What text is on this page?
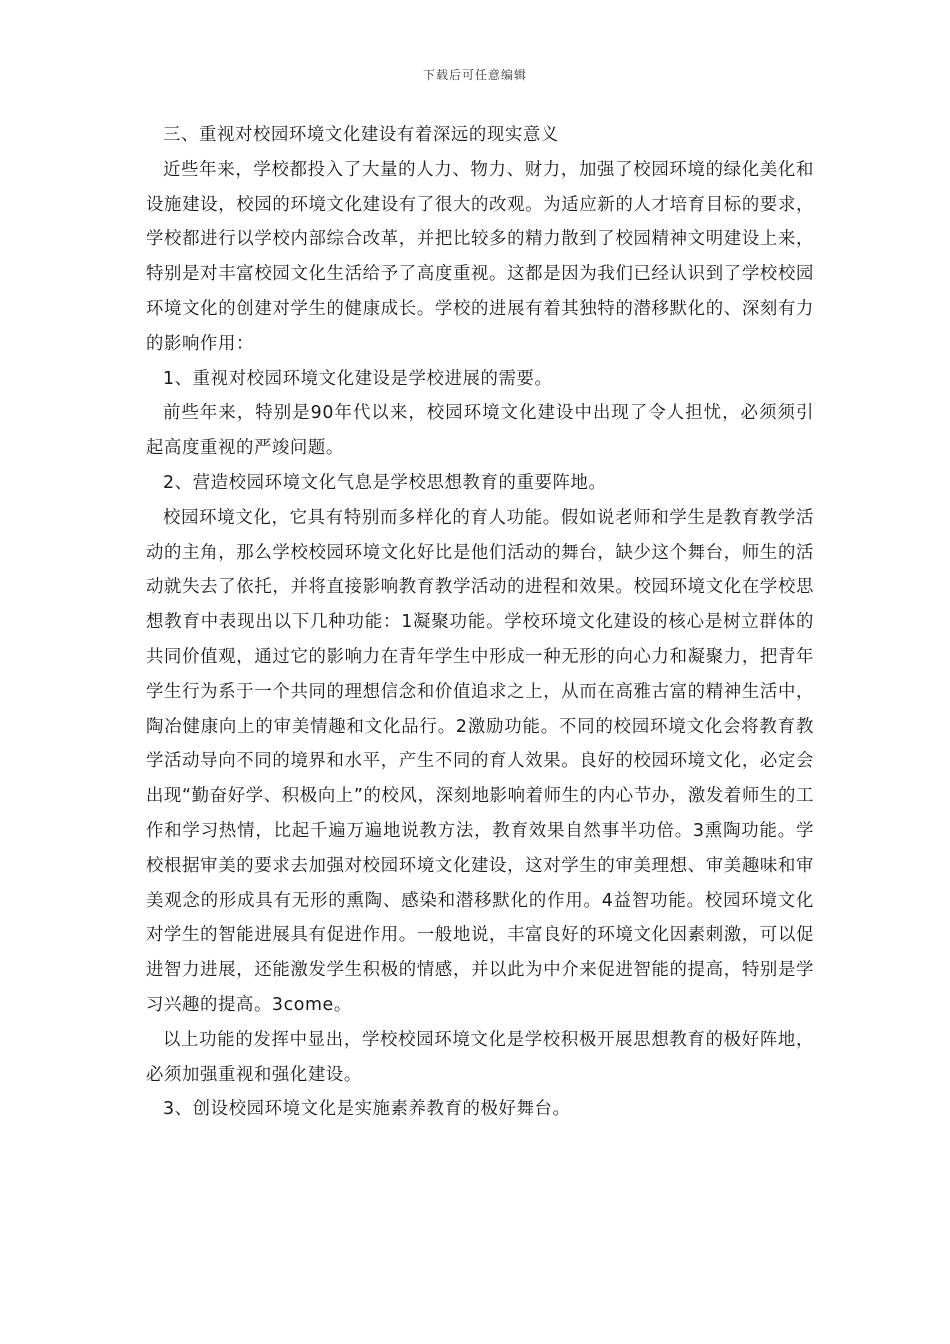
下载后可任意编辑

三、重视对校园环境文化建设有着深远的现实意义

近些年来，学校都投入了大量的人力、物力、财力，加强了校园环境的绿化美化和设施建设，校园的环境文化建设有了很大的改观。为适应新的人才培育目标的要求，学校都进行以学校内部综合改革，并把比较多的精力散到了校园精神文明建设上来，特别是对丰富校园文化生活给予了高度重视。这都是因为我们已经认识到了学校校园环境文化的创建对学生的健康成长。学校的进展有着其独特的潜移默化的、深刻有力的影响作用：

1、重视对校园环境文化建设是学校进展的需要。

前些年来，特别是90年代以来，校园环境文化建设中出现了令人担忧，必须须引起高度重视的严竣问题。

2、营造校园环境文化气息是学校思想教育的重要阵地。

校园环境文化，它具有特别而多样化的育人功能。假如说老师和学生是教育教学活动的主角，那么学校校园环境文化好比是他们活动的舞台，缺少这个舞台，师生的活动就失去了依托，并将直接影响教育教学活动的进程和效果。校园环境文化在学校思想教育中表现出以下几种功能：1凝聚功能。学校环境文化建设的核心是树立群体的共同价值观，通过它的影响力在青年学生中形成一种无形的向心力和凝聚力，把青年学生行为系于一个共同的理想信念和价值追求之上，从而在高雅古富的精神生活中，陶冶健康向上的审美情趣和文化品行。2激励功能。不同的校园环境文化会将教育教学活动导向不同的境界和水平，产生不同的育人效果。良好的校园环境文化，必定会出现“勤奋好学、积极向上”的校风，深刻地影响着师生的内心节办，激发着师生的工作和学习热情，比起千遍万遍地说教方法，教育效果自然事半功倍。3熏陶功能。学校根据审美的要求去加强对校园环境文化建设，这对学生的审美理想、审美趣味和审美观念的形成具有无形的熏陶、感染和潜移默化的作用。4益智功能。校园环境文化对学生的智能进展具有促进作用。一般地说，丰富良好的环境文化因素刺激，可以促进智力进展，还能激发学生积极的情感，并以此为中介来促进智能的提高，特别是学习兴趣的提高。3come。

以上功能的发挥中显出，学校校园环境文化是学校积极开展思想教育的极好阵地，必须加强重视和强化建设。

3、创设校园环境文化是实施素养教育的极好舞台。
